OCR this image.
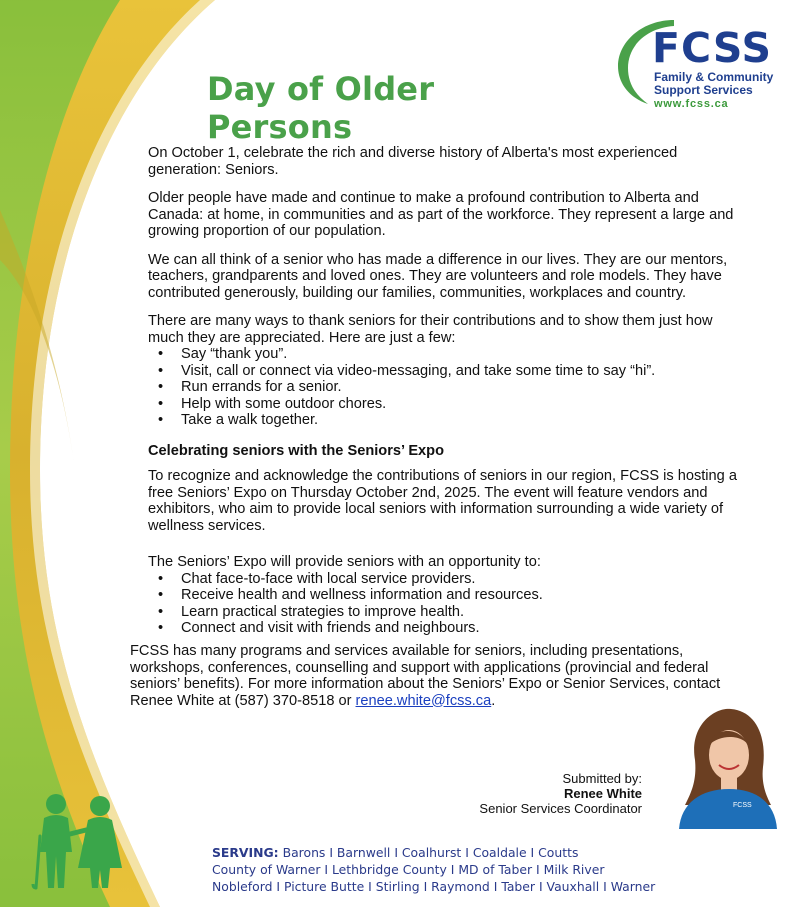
Day of Older Persons
FCSS
Family & Community
Support Services
www.fcss.ca

On October 1, celebrate the rich and diverse history of Alberta's most experienced generation: Seniors.

Older people have made and continue to make a profound contribution to Alberta and Canada: at home, in communities and as part of the workforce. They represent a large and growing proportion of our population.

We can all think of a senior who has made a difference in our lives. They are our mentors, teachers, grandparents and loved ones. They are volunteers and role models. They have contributed generously, building our families, communities, workplaces and country.

There are many ways to thank seniors for their contributions and to show them just how much they are appreciated. Here are just a few:

• Say “thank you”.
• Visit, call or connect via video-messaging, and take some time to say “hi”.
• Run errands for a senior.
• Help with some outdoor chores.
• Take a walk together.
Celebrating seniors with the Seniors’ Expo

To recognize and acknowledge the contributions of seniors in our region, FCSS is hosting a free Seniors’ Expo on Thursday October 2nd, 2025. The event will feature vendors and exhibitors, who aim to provide local seniors with information surrounding a wide variety of wellness services.

The Seniors’ Expo will provide seniors with an opportunity to:

• Chat face-to-face with local service providers.
• Receive health and wellness information and resources.
• Learn practical strategies to improve health.
• Connect and visit with friends and neighbours.
FCSS has many programs and services available for seniors, including presentations, workshops, conferences, counselling and support with applications (provincial and federal seniors’ benefits). For more information about the Seniors’ Expo or Senior Services, contact Renee White at (587) 370-8518 or renee.white@fcss.ca.
Submitted by:
Renee White
Senior Services Coordinator	FCSS
SERVING: Barons I Barnwell I Coalhurst I Coaldale I Coutts
County of Warner I Lethbridge County I MD of Taber I Milk River
Nobleford I Picture Butte I Stirling I Raymond I Taber I Vauxhall I Warner
